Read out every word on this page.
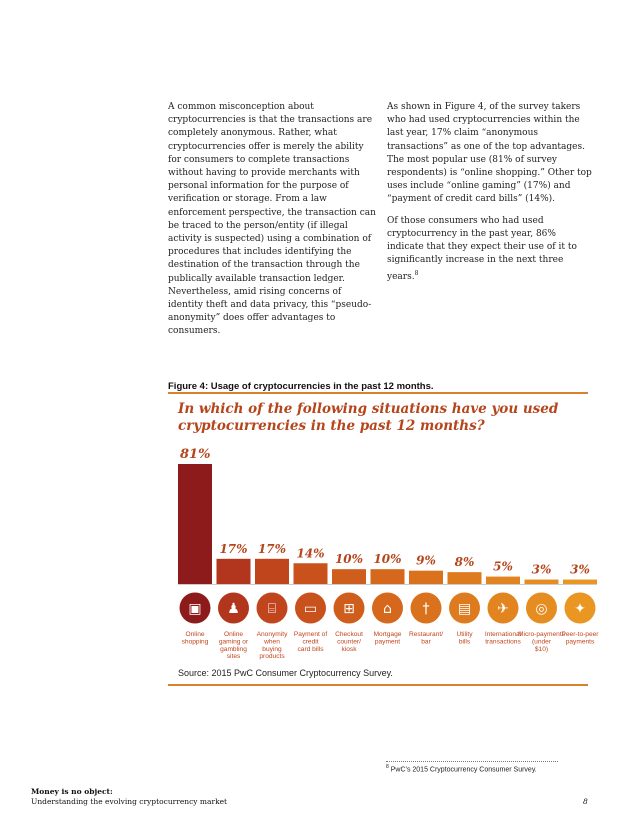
A common misconception about cryptocurrencies is that the transactions are completely anonymous. Rather, what cryptocurrencies offer is merely the ability for consumers to complete transactions without having to provide merchants with personal information for the purpose of verification or storage. From a law enforcement perspective, the transaction can be traced to the person/entity (if illegal activity is suspected) using a combination of procedures that includes identifying the destination of the transaction through the publically available transaction ledger. Nevertheless, amid rising concerns of identity theft and data privacy, this “pseudo-anonymity” does offer advantages to consumers.

As shown in Figure 4, of the survey takers who had used cryptocurrencies within the last year, 17% claim “anonymous transactions” as one of the top advantages. The most popular use (81% of survey respondents) is “online shopping.” Other top uses include “online gaming” (17%) and “payment of credit card bills” (14%).

Of those consumers who had used cryptocurrency in the past year, 86% indicate that they expect their use of it to significantly increase in the next three years.$^8$

Figure 4: Usage of cryptocurrencies in the past 12 months.
In which of the following situations have you used cryptocurrencies in the past 12 months?
81%
▣
Online shopping
17%
♟
Online gaming or gambling sites
17%
⌸
Anonymity when buying products
14%
▭
Payment of credit card bills
10%
⊞
Checkout counter/ kiosk
10%
⌂
Mortgage payment
9%
†
Restaurant/ bar
8%
▤
Utility bills
5%
✈
International transactions
3%
◎
Micro-payments (under $10)
3%
✦
Peer-to-peer payments
Source: 2015 PwC Consumer Cryptocurrency Survey.
$^8$ PwC’s 2015 Cryptocurrency Consumer Survey.
Money is no object:
Understanding the evolving cryptocurrency market	8
